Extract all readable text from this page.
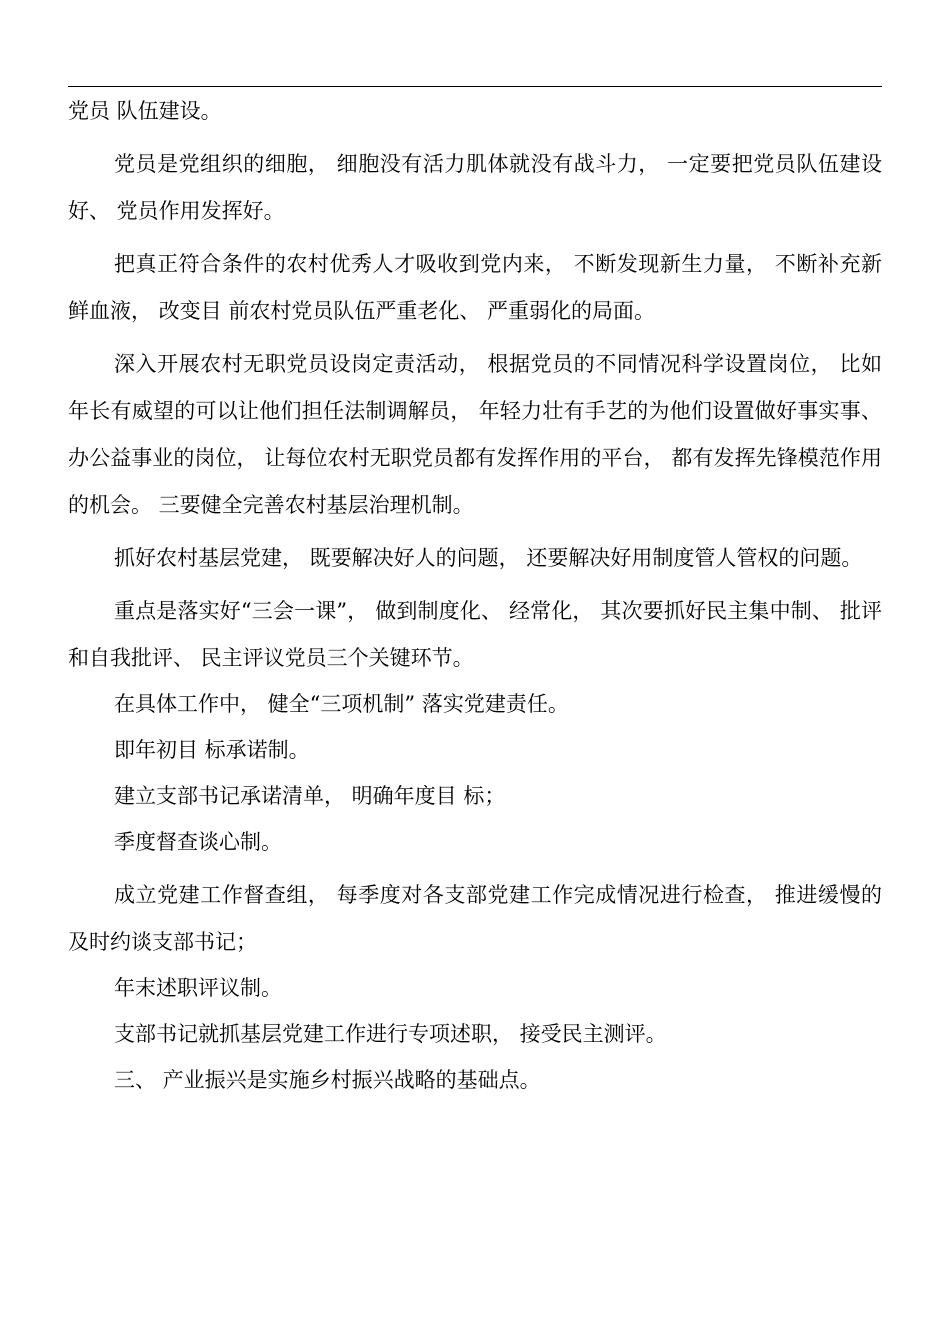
党员 队伍建设。

党员是党组织的细胞， 细胞没有活力肌体就没有战斗力， 一定要把党员队伍建设好、 党员作用发挥好。

把真正符合条件的农村优秀人才吸收到党内来， 不断发现新生力量， 不断补充新鲜血液， 改变目 前农村党员队伍严重老化、 严重弱化的局面。

深入开展农村无职党员设岗定责活动， 根据党员的不同情况科学设置岗位， 比如年长有威望的可以让他们担任法制调解员， 年轻力壮有手艺的为他们设置做好事实事、 办公益事业的岗位， 让每位农村无职党员都有发挥作用的平台， 都有发挥先锋模范作用的机会。 三要健全完善农村基层治理机制。

抓好农村基层党建， 既要解决好人的问题， 还要解决好用制度管人管权的问题。

重点是落实好“三会一课”， 做到制度化、 经常化， 其次要抓好民主集中制、 批评和自我批评、 民主评议党员三个关键环节。

在具体工作中， 健全“三项机制” 落实党建责任。

即年初目 标承诺制。

建立支部书记承诺清单， 明确年度目 标；

季度督查谈心制。

成立党建工作督查组， 每季度对各支部党建工作完成情况进行检查， 推进缓慢的及时约谈支部书记；

年末述职评议制。

支部书记就抓基层党建工作进行专项述职， 接受民主测评。

三、 产业振兴是实施乡村振兴战略的基础点。
